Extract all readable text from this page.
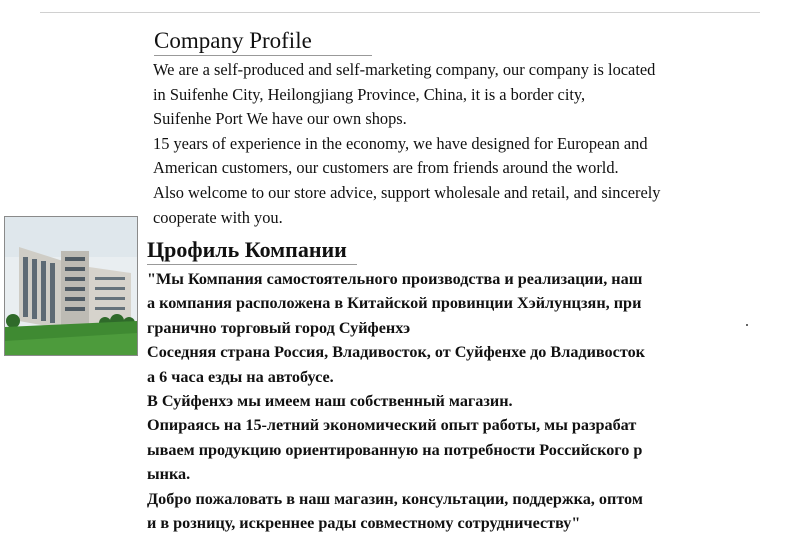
Company Profile
We are a self-produced and self-marketing company, our company is located
in Suifenhe City, Heilongjiang Province, China, it is a border city,
Suifenhe Port We have our own shops.
15 years of experience in the economy, we have designed for European and
American customers, our customers are from friends around the world.
Also welcome to our store advice, support wholesale and retail, and sincerely
cooperate with you.
Црофиль Компании
"Мы Компания самостоятельного производства и реализации, наш
а компания расположена в Китайской провинции Хэйлунцзян, при
гранично торговый город Суйфенхэ
Соседняя страна Россия, Владивосток, от Суйфенхе до Владивосток
а 6 часа езды на автобусе.
В Суйфенхэ мы имеем наш собственный магазин.
Опираясь на 15-летний экономический опыт работы, мы разрабат
ываем продукцию ориентированную на потребности Российского р
ынка.
Добро пожаловать в наш магазин, консультации, поддержка, оптом
и в розницу, искреннее рады совместному сотрудничеству"
